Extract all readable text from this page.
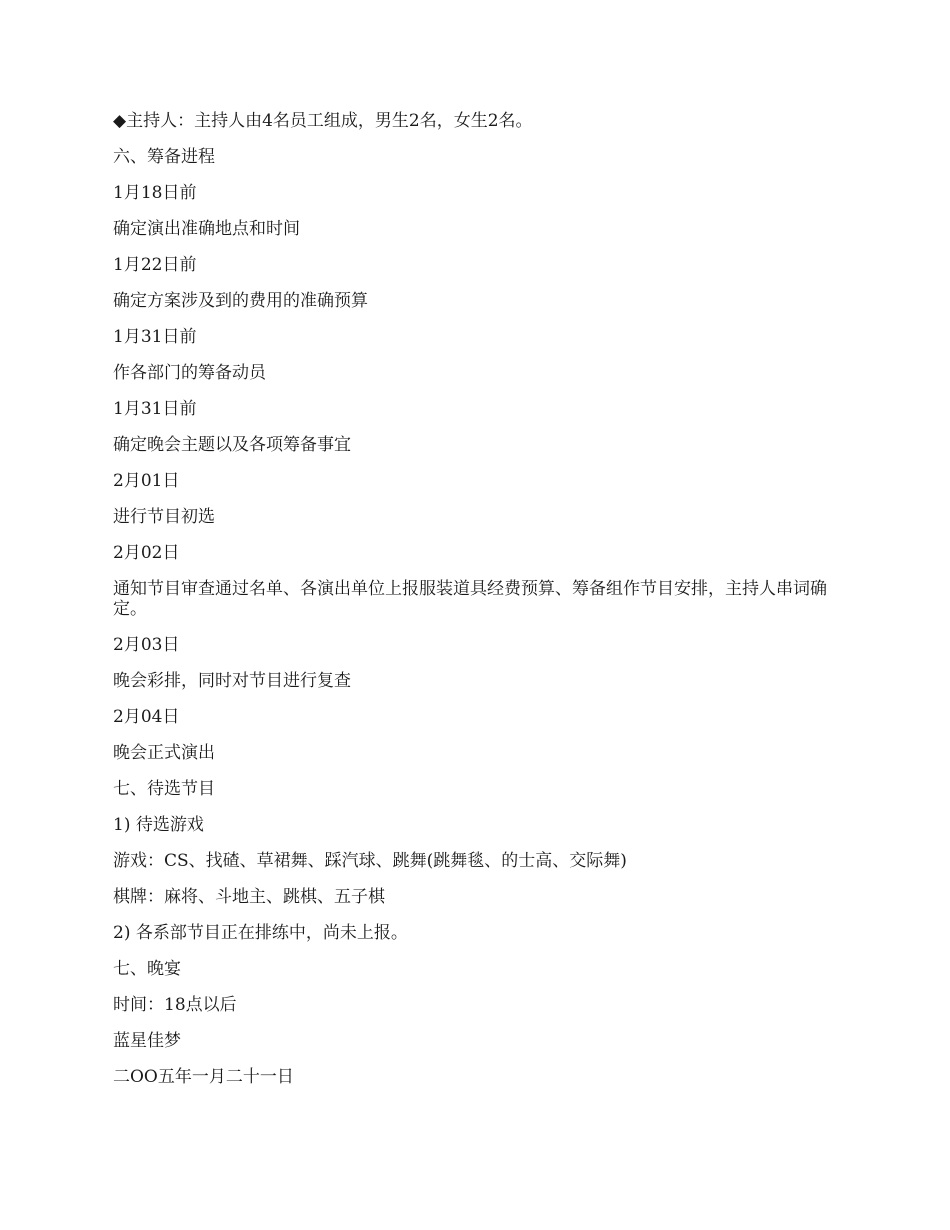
◆主持人：主持人由4名员工组成，男生2名，女生2名。

六、筹备进程

1月18日前

确定演出准确地点和时间

1月22日前

确定方案涉及到的费用的准确预算

1月31日前

作各部门的筹备动员

1月31日前

确定晚会主题以及各项筹备事宜

2月01日

进行节目初选

2月02日

通知节目审查通过名单、各演出单位上报服装道具经费预算、筹备组作节目安排，主持人串词确定。

2月03日

晚会彩排，同时对节目进行复查

2月04日

晚会正式演出

七、待选节目

1) 待选游戏

游戏：CS、找碴、草裙舞、踩汽球、跳舞(跳舞毯、的士高、交际舞)

棋牌：麻将、斗地主、跳棋、五子棋

2) 各系部节目正在排练中，尚未上报。

七、晚宴

时间：18点以后

蓝星佳梦

二OO五年一月二十一日
